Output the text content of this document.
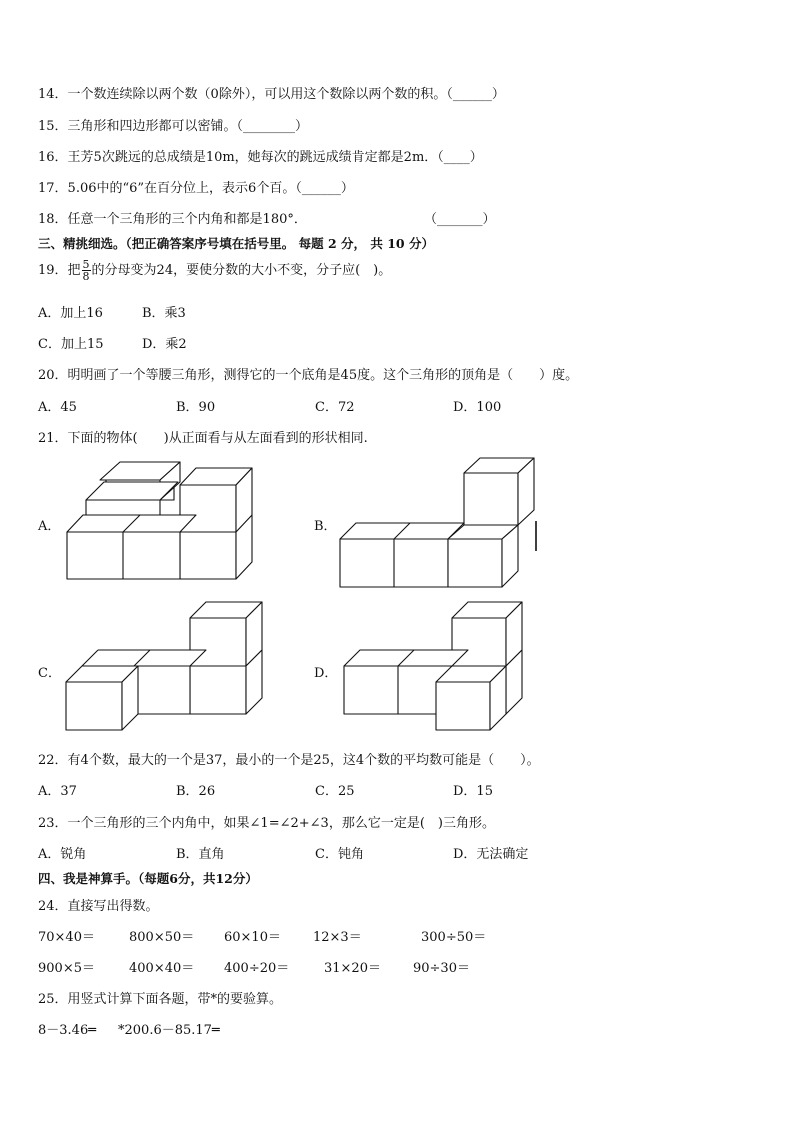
14．一个数连续除以两个数（0除外），可以用这个数除以两个数的积。（______）
15．三角形和四边形都可以密铺。（________）
16．王芳5次跳远的总成绩是10m，她每次的跳远成绩肯定都是2m．（____）
17．5.06中的“6”在百分位上，表示6个百。（______）
18．任意一个三角形的三个内角和都是180°．	（_______）
三、精挑细选。（把正确答案序号填在括号里。 每题 2 分， 共 10 分）
19．把 $\frac{5}{8}$ 的分母变为24，要使分数的大小不变，分子应(　)。
A．加上16	B．乘3
C．加上15	D．乘2
20．明明画了一个等腰三角形，测得它的一个底角是45度。这个三角形的顶角是（　　）度。
A．45	B．90	C．72	D．100
21．下面的物体(　　)从正面看与从左面看到的形状相同.
A．	B．
C．	D．
22．有4个数，最大的一个是37，最小的一个是25，这4个数的平均数可能是（　　）。
A．37	B．26	C．25	D．15
23．一个三角形的三个内角中，如果∠1=∠2+∠3，那么它一定是(　)三角形。
A．锐角	B．直角	C．钝角	D．无法确定
四、我是神算手。（每题6分，共12分）
24．直接写出得数。
70×40＝	800×50＝ 60×10＝ 12×3＝	300÷50＝
900×5＝	400×40＝ 400÷20＝	31×20＝ 90÷30＝
25．用竖式计算下面各题，带*的要验算。
8－3.46═ *200.6－85.17═
